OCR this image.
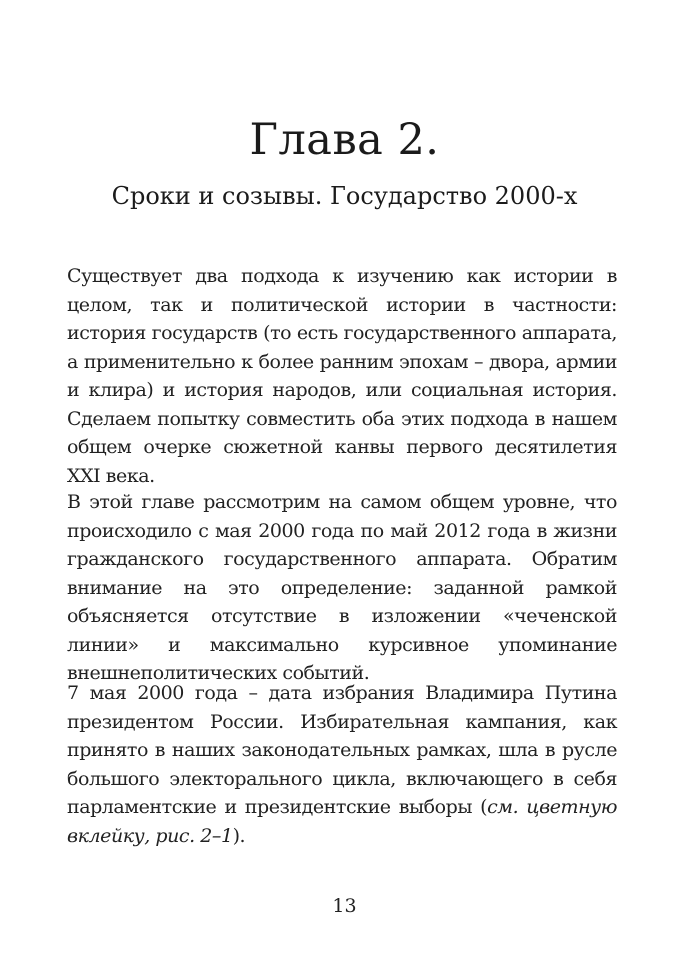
Глава 2.
Сроки и созывы. Государство 2000-х

Существует два подхода к изучению как истории в целом, так и политической истории в частности: история государств (то есть государственного аппарата, а применительно к более ранним эпохам – двора, армии и клира) и история народов, или социальная история. Сделаем попытку совместить оба этих подхода в нашем общем очерке сюжетной канвы первого десятилетия XXI века.

В этой главе рассмотрим на самом общем уровне, что происходило с мая 2000 года по май 2012 года в жизни гражданского государственного аппарата. Обратим внимание на это определение: заданной рамкой объясняется отсутствие в изложении «чеченской линии» и максимально курсивное упоминание внешнеполитических событий.

7 мая 2000 года – дата избрания Владимира Путина президентом России. Избирательная кампания, как принято в наших законодательных рамках, шла в русле большого электорального цикла, включающего в себя парламентские и президентские выборы (см. цветную вклейку, рис. 2–1).

13
